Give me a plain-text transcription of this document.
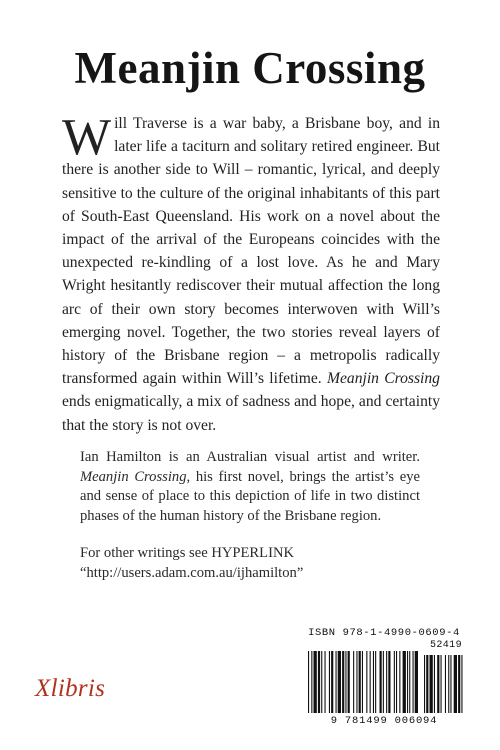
Meanjin Crossing

Will Traverse is a war baby, a Brisbane boy, and in later life a taciturn and solitary retired engineer. But there is another side to Will – romantic, lyrical, and deeply sensitive to the culture of the original inhabitants of this part of South-East Queensland. His work on a novel about the impact of the arrival of the Europeans coincides with the unexpected re-kindling of a lost love. As he and Mary Wright hesitantly rediscover their mutual affection the long arc of their own story becomes interwoven with Will’s emerging novel. Together, the two stories reveal layers of history of the Brisbane region – a metropolis radically transformed again within Will’s lifetime. Meanjin Crossing ends enigmatically, a mix of sadness and hope, and certainty that the story is not over.

Ian Hamilton is an Australian visual artist and writer. Meanjin Crossing, his first novel, brings the artist’s eye and sense of place to this depiction of life in two distinct phases of the human history of the Brisbane region.

For other writings see HYPERLINK “http://users.adam.com.au/ijhamilton”

Xlibris
ISBN 978-1-4990-0609-4
52419
9 781499 006094
